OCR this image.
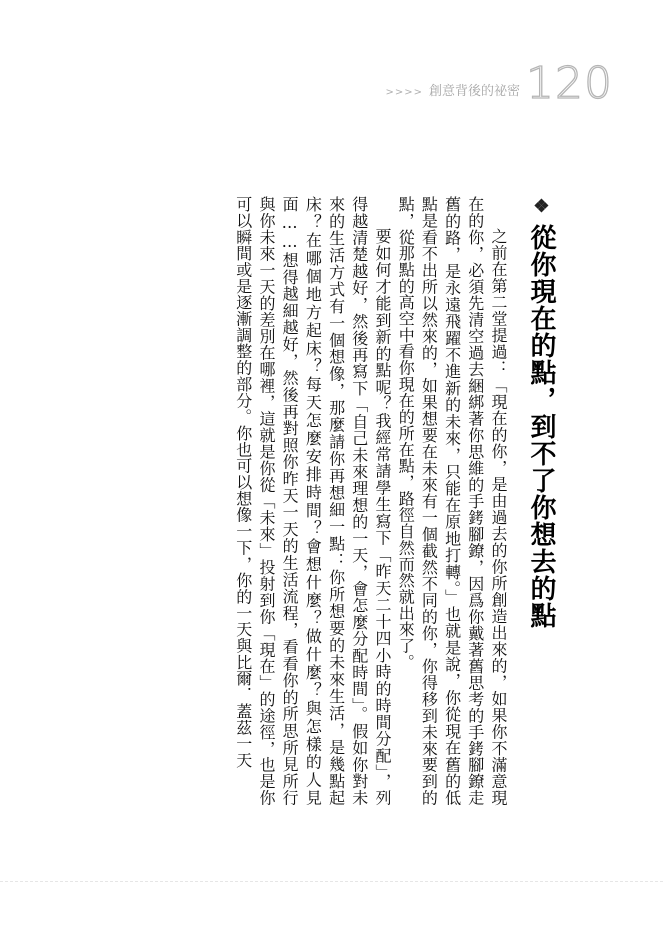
>>>> 創意背後的祕密 120
❖從你現在的點，到不了你想去的點

之前在第二堂提過：「現在的你，是由過去的你所創造出來的，如果你不滿意現在的你，必須先清空過去綑綁著你思維的手銬腳鐐，因爲你戴著舊思考的手銬腳鐐走舊的路，是永遠飛躍不進新的未來，只能在原地打轉。」也就是說，你從現在舊的低點是看不出所以然來的，如果想要在未來有一個截然不同的你，你得移到未來要到的點，從那點的高空中看你現在的所在點，路徑自然而然就出來了。

要如何才能到新的點呢？我經常請學生寫下「昨天二十四小時的時間分配」，列得越清楚越好，然後再寫下「自己未來理想的一天，會怎麼分配時間」。假如你對未來的生活方式有一個想像，那麼請你再想細一點：你所想要的未來生活，是幾點起床？在哪個地方起床？每天怎麼安排時間？會想什麼？做什麼？與怎樣的人見面……想得越細越好，然後再對照你昨天一天的生活流程，看看你的所思所見所行與你未來一天的差別在哪裡，這就是你從「未來」投射到你「現在」的途徑，也是你可以瞬間或是逐漸調整的部分。你也可以想像一下，你的一天與比爾．蓋茲一天
